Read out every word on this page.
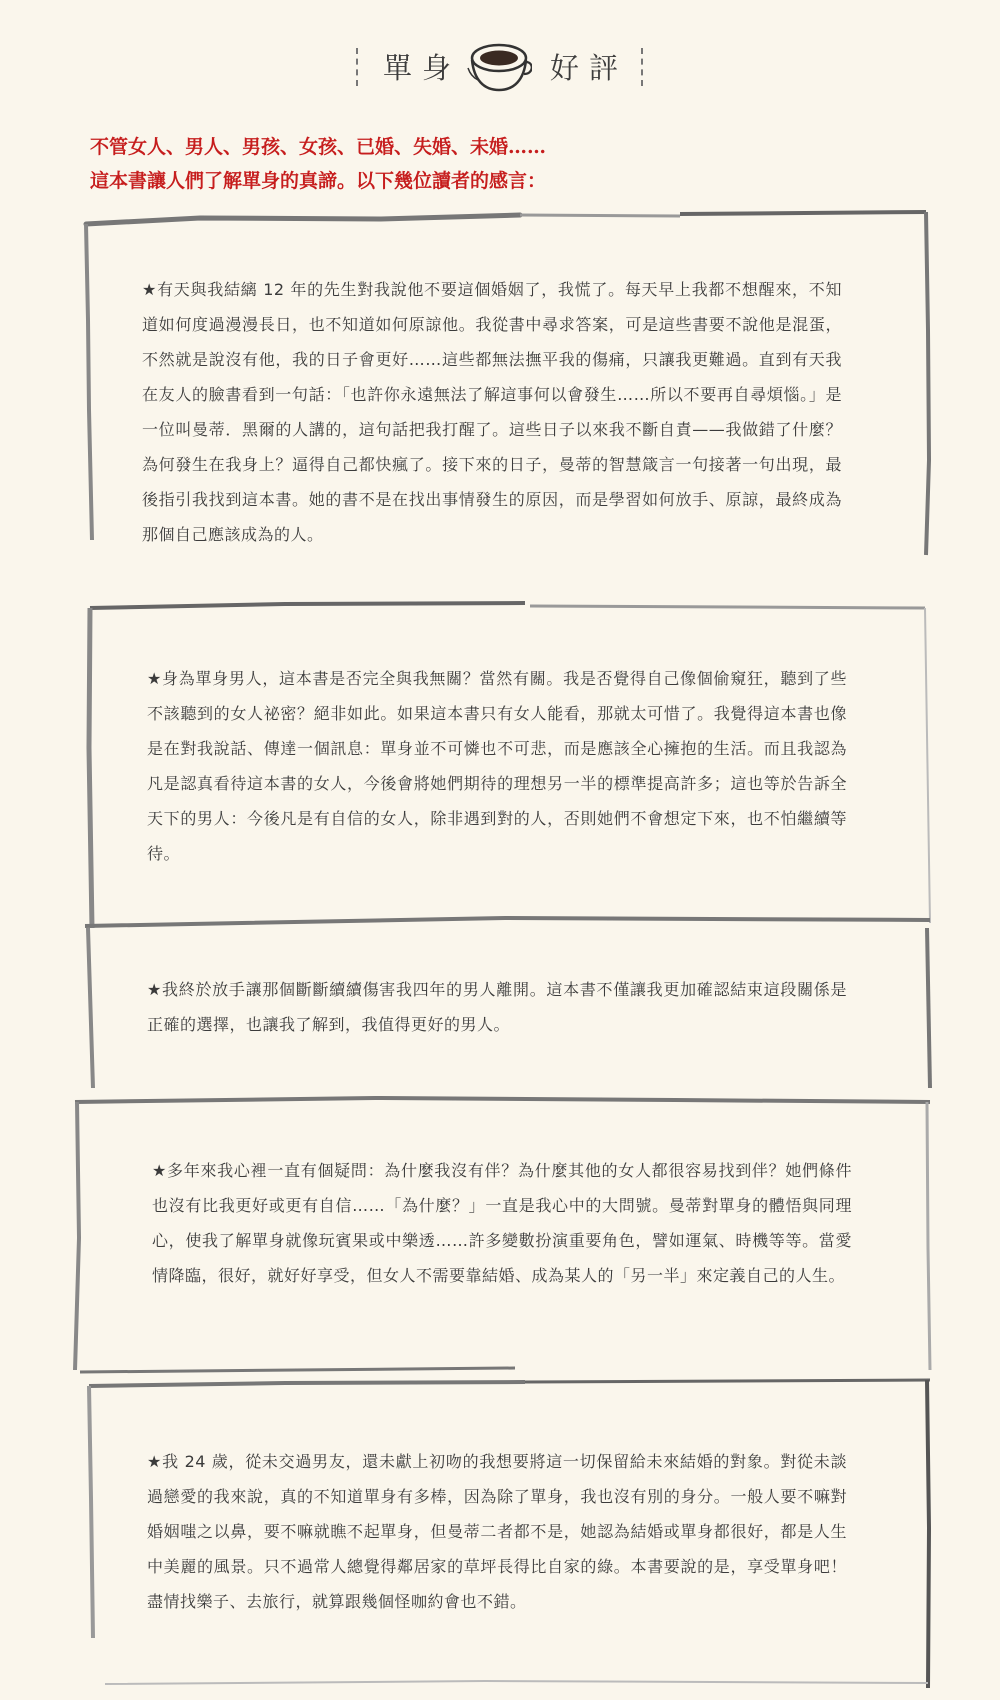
單身	好評
不管女人、男人、男孩、女孩、已婚、失婚、未婚……
這本書讓人們了解單身的真諦。以下幾位讀者的感言：
★有天與我結縭 12 年的先生對我說他不要這個婚姻了，我慌了。每天早上我都不想醒來，不知道如何度過漫漫長日，也不知道如何原諒他。我從書中尋求答案，可是這些書要不說他是混蛋，不然就是說沒有他，我的日子會更好……這些都無法撫平我的傷痛，只讓我更難過。直到有天我在友人的臉書看到一句話：「也許你永遠無法了解這事何以會發生……所以不要再自尋煩惱。」是一位叫曼蒂．黑爾的人講的，這句話把我打醒了。這些日子以來我不斷自責——我做錯了什麼？為何發生在我身上？逼得自己都快瘋了。接下來的日子，曼蒂的智慧箴言一句接著一句出現，最後指引我找到這本書。她的書不是在找出事情發生的原因，而是學習如何放手、原諒，最終成為那個自己應該成為的人。
★身為單身男人，這本書是否完全與我無關？當然有關。我是否覺得自己像個偷窺狂，聽到了些不該聽到的女人祕密？絕非如此。如果這本書只有女人能看，那就太可惜了。我覺得這本書也像是在對我說話、傳達一個訊息：單身並不可憐也不可悲，而是應該全心擁抱的生活。而且我認為凡是認真看待這本書的女人，今後會將她們期待的理想另一半的標準提高許多；這也等於告訴全天下的男人：今後凡是有自信的女人，除非遇到對的人，否則她們不會想定下來，也不怕繼續等待。
★我終於放手讓那個斷斷續續傷害我四年的男人離開。這本書不僅讓我更加確認結束這段關係是正確的選擇，也讓我了解到，我值得更好的男人。
★多年來我心裡一直有個疑問：為什麼我沒有伴？為什麼其他的女人都很容易找到伴？她們條件也沒有比我更好或更有自信……「為什麼？」一直是我心中的大問號。曼蒂對單身的體悟與同理心，使我了解單身就像玩賓果或中樂透……許多變數扮演重要角色，譬如運氣、時機等等。當愛情降臨，很好，就好好享受，但女人不需要靠結婚、成為某人的「另一半」來定義自己的人生。
★我 24 歲，從未交過男友，還未獻上初吻的我想要將這一切保留給未來結婚的對象。對從未談過戀愛的我來說，真的不知道單身有多棒，因為除了單身，我也沒有別的身分。一般人要不嘛對婚姻嗤之以鼻，要不嘛就瞧不起單身，但曼蒂二者都不是，她認為結婚或單身都很好，都是人生中美麗的風景。只不過常人總覺得鄰居家的草坪長得比自家的綠。本書要說的是，享受單身吧！盡情找樂子、去旅行，就算跟幾個怪咖約會也不錯。
